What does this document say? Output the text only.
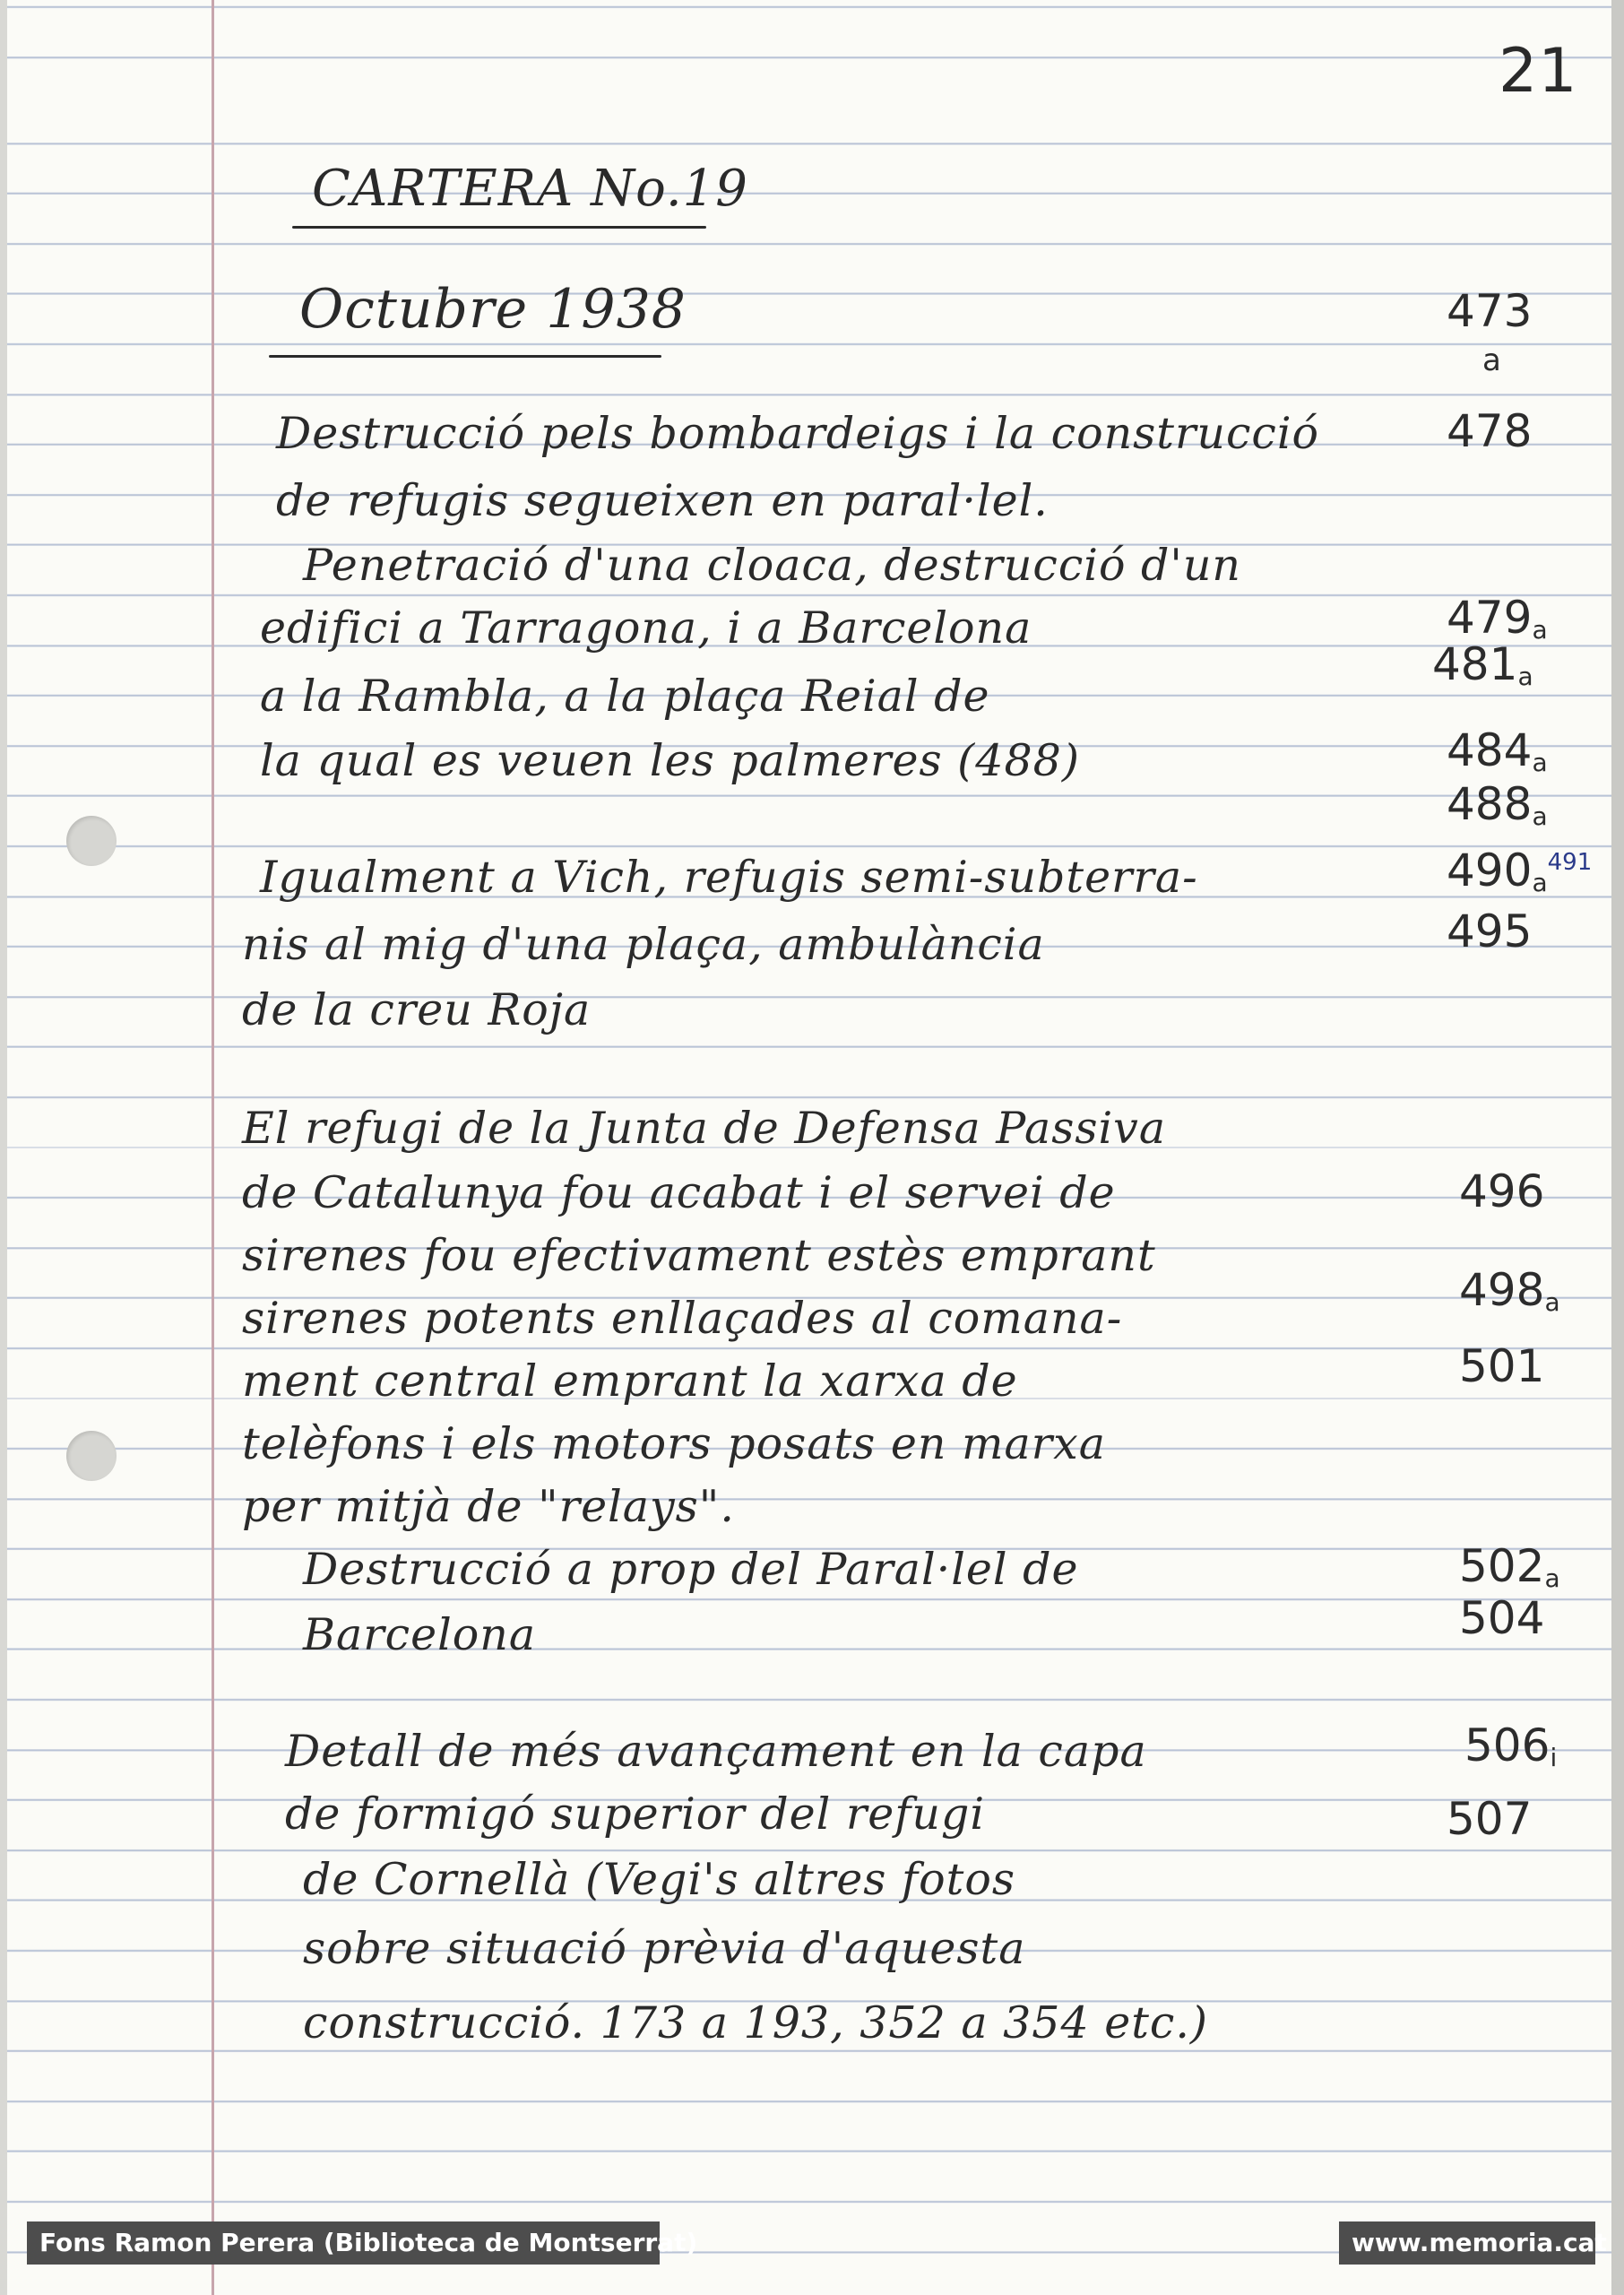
21
CARTERA No.19
Octubre 1938
Destrucció pels bombardeigs i la construcció
de refugis segueixen en paral·lel.
Penetració d'una cloaca, destrucció d'un
edifici a Tarragona, i a Barcelona
a la Rambla, a la plaça Reial de
la qual es veuen les palmeres (488)
Igualment a Vich, refugis semi-subterra-
nis al mig d'una plaça, ambulància
de la creu Roja
El refugi de la Junta de Defensa Passiva
de Catalunya fou acabat i el servei de
sirenes fou efectivament estès emprant
sirenes potents enllaçades al comana-
ment central emprant la xarxa de
telèfons i els motors posats en marxa
per mitjà de "relays".
Destrucció a prop del Paral·lel de
Barcelona
Detall de més avançament en la capa
de formigó superior del refugi
de Cornellà (Vegi's altres fotos
sobre situació prèvia d'aquesta
construcció. 173 a 193, 352 a 354 etc.)
473
a
478
479a
481a
484a
488a
$490a^{491}$
495
496
498a
501
502a
504
506i
507
Fons Ramon Perera (Biblioteca de Montserrat)	www.memoria.cat
